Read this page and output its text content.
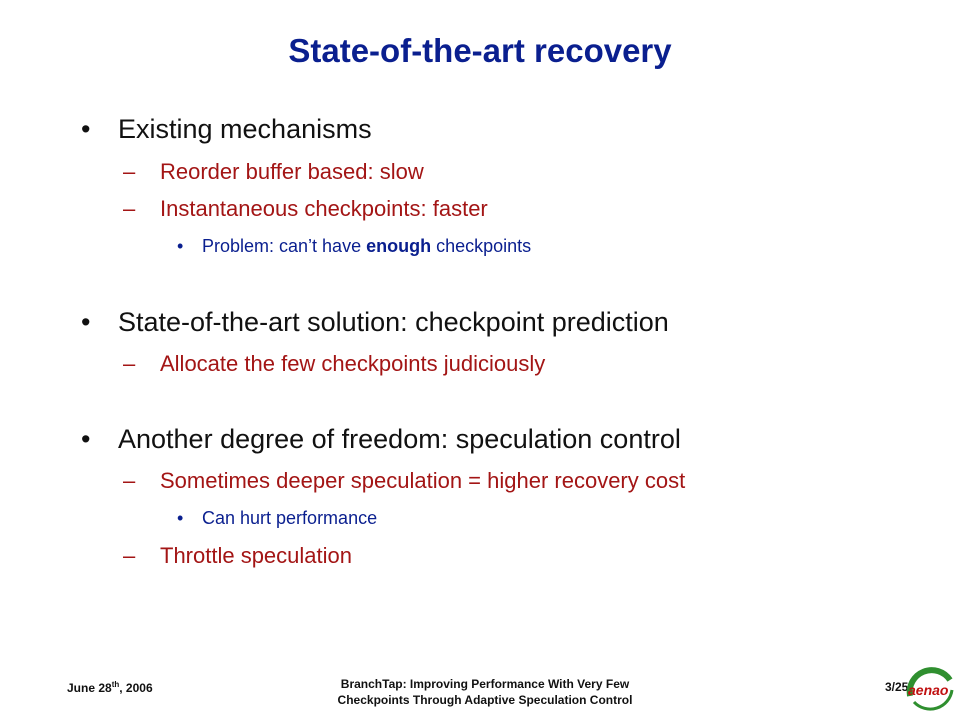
State-of-the-art recovery
• Existing mechanisms
– Reorder buffer based: slow
– Instantaneous checkpoints: faster
• Problem: can’t have enough checkpoints
• State-of-the-art solution: checkpoint prediction
– Allocate the few checkpoints judiciously
• Another degree of freedom: speculation control
– Sometimes deeper speculation = higher recovery cost
• Can hurt performance
– Throttle speculation
June 28th, 2006	BranchTap: Improving Performance With Very Few
Checkpoints Through Adaptive Speculation Control
3/25 aenao
